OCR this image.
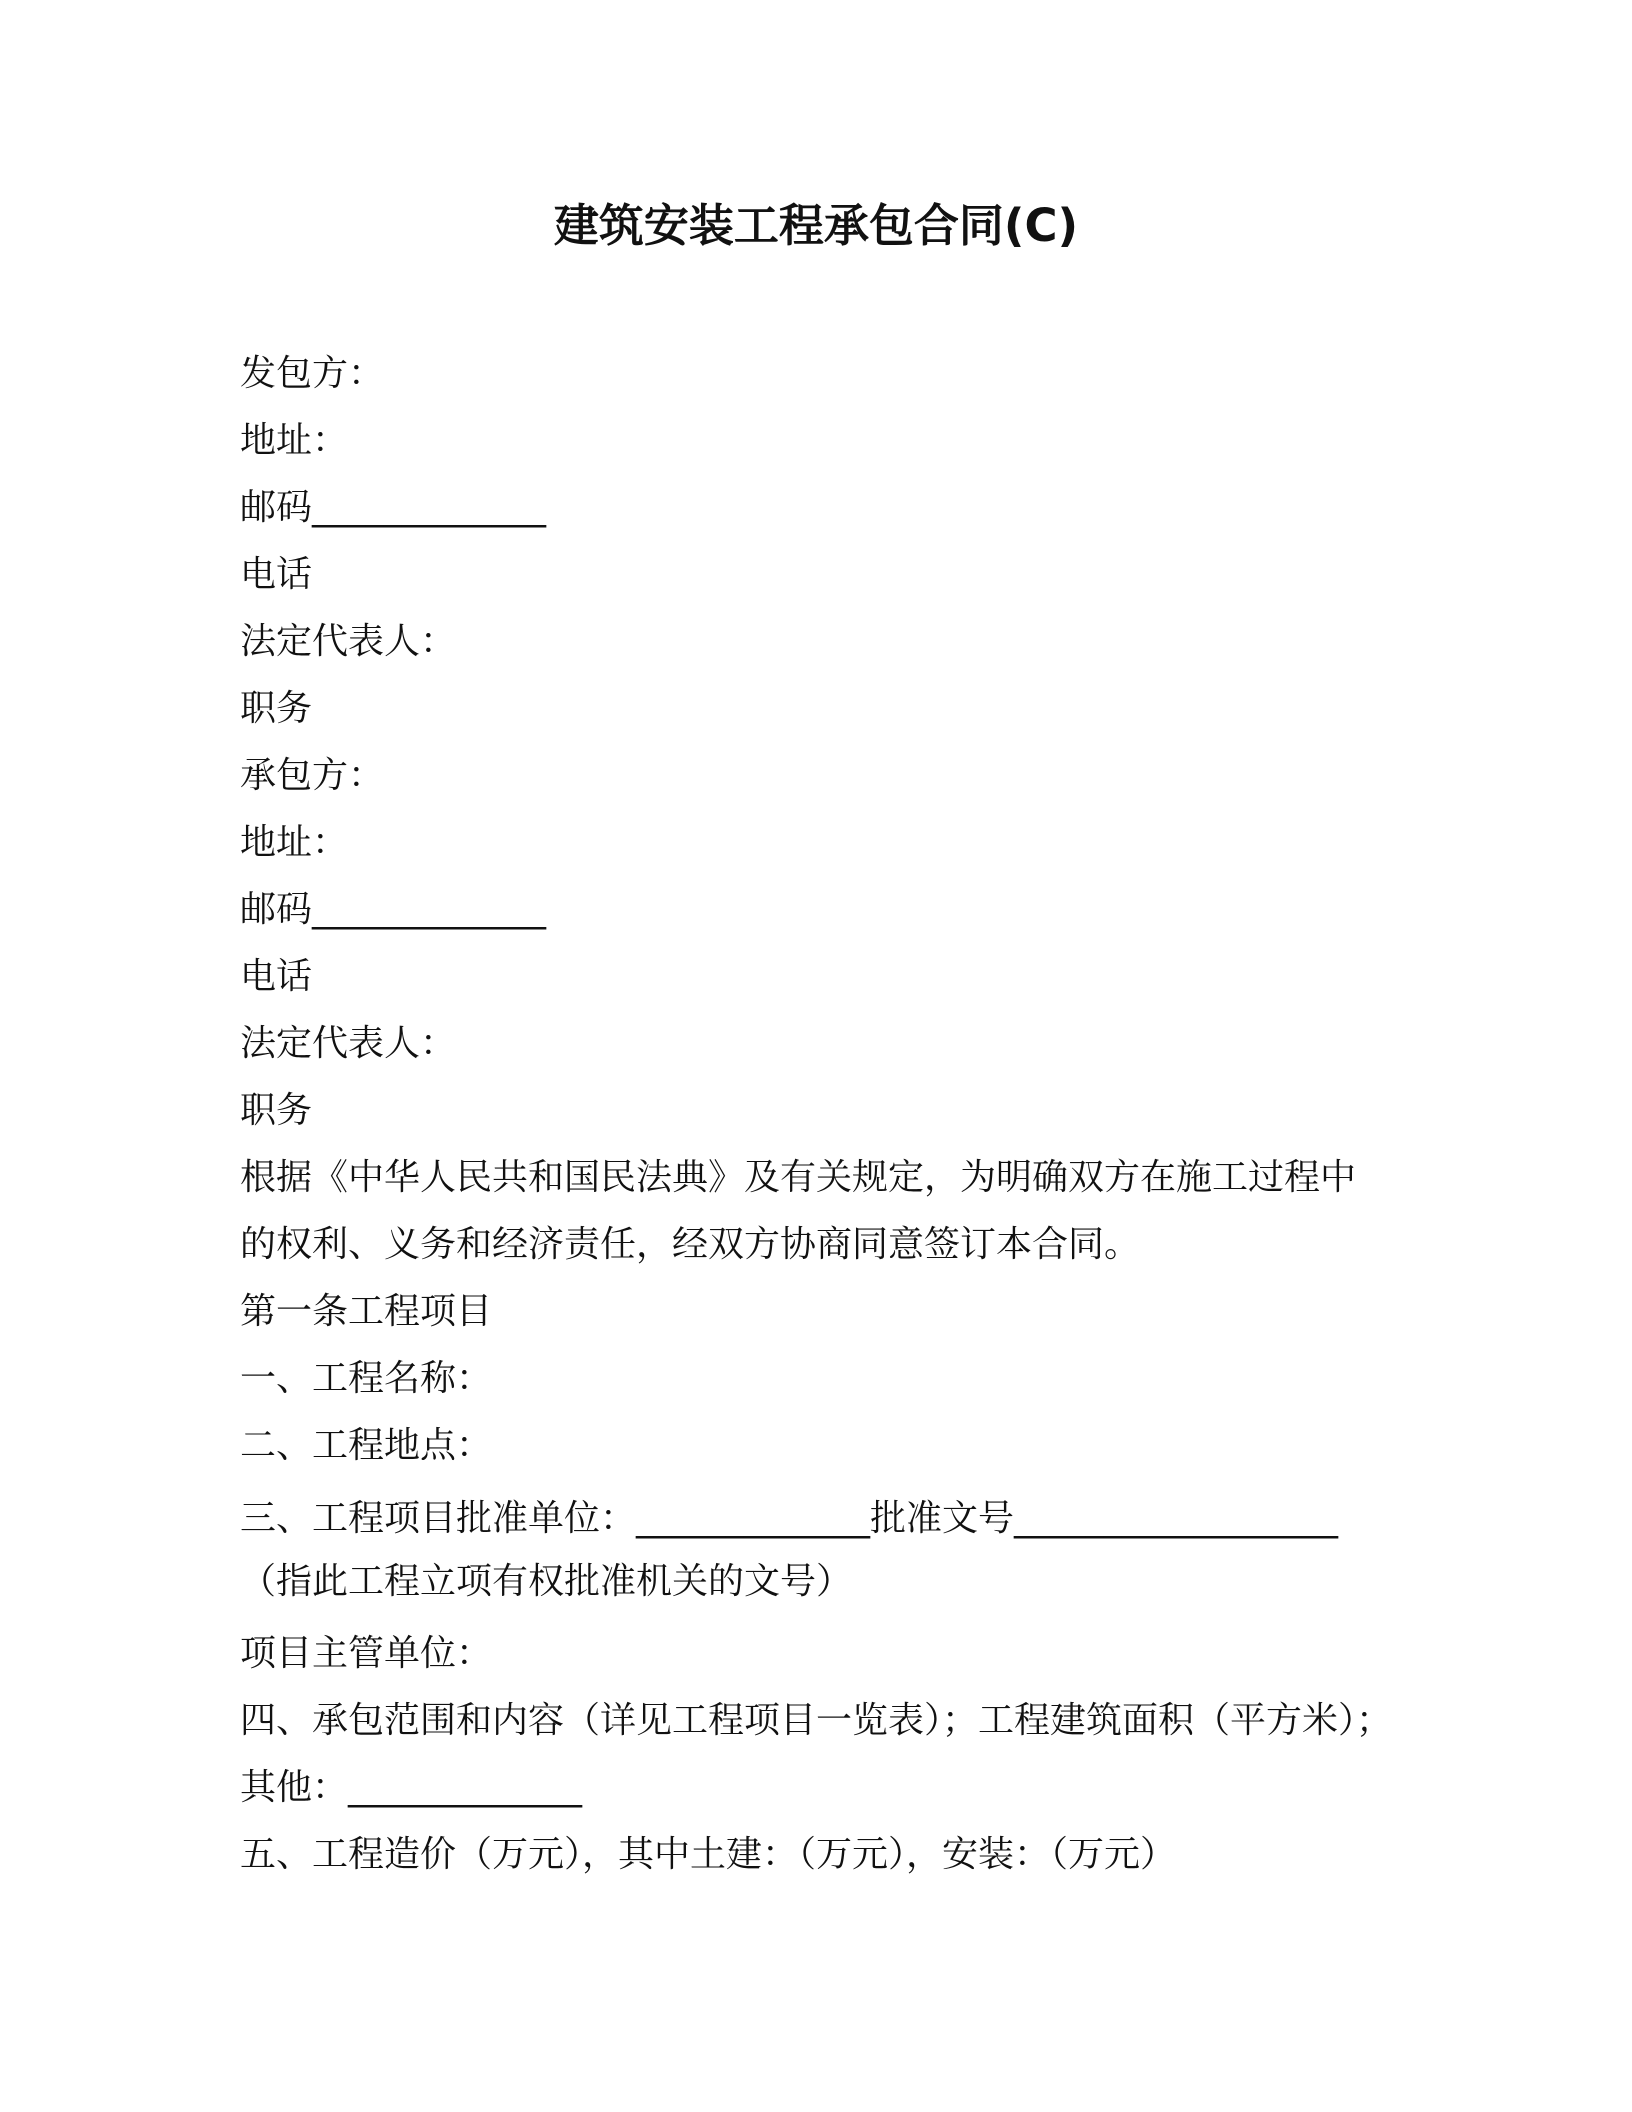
建筑安装工程承包合同(C)
发包方：
地址：
邮码_____________
电话
法定代表人：
职务
承包方：
地址：
邮码_____________
电话
法定代表人：
职务
根据《中华人民共和国民法典》及有关规定，为明确双方在施工过程中
的权利、义务和经济责任，经双方协商同意签订本合同。
第一条工程项目
一、工程名称：
二、工程地点：
三、工程项目批准单位：_____________批准文号__________________
（指此工程立项有权批准机关的文号）
项目主管单位：
四、承包范围和内容（详见工程项目一览表）；工程建筑面积（平方米）；
其他：_____________
五、工程造价（万元），其中土建：（万元），安装：（万元）
